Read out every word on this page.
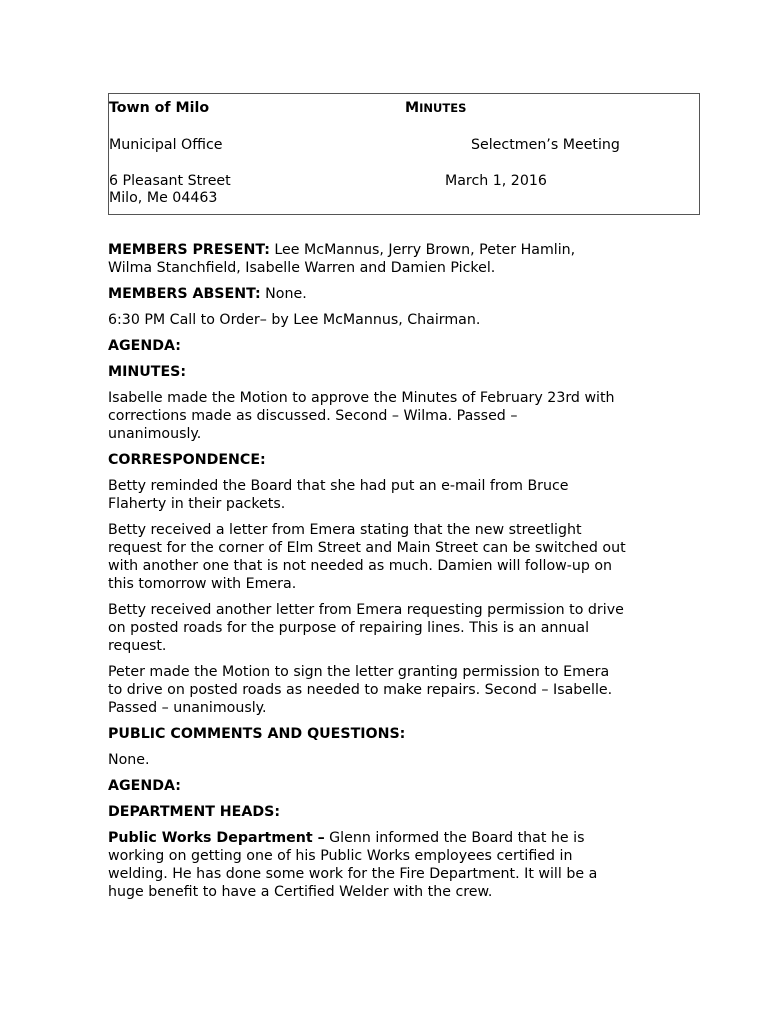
Town of Milo	MINUTES
Municipal Office	Selectmen’s Meeting
6 Pleasant Street	March 1, 2016
Milo, Me 04463

MEMBERS PRESENT: Lee McMannus, Jerry Brown, Peter Hamlin,
Wilma Stanchfield, Isabelle Warren and Damien Pickel.

MEMBERS ABSENT: None.

6:30 PM Call to Order– by Lee McMannus, Chairman.

AGENDA:

MINUTES:

Isabelle made the Motion to approve the Minutes of February 23rd with
corrections made as discussed. Second – Wilma. Passed –
unanimously.

CORRESPONDENCE:

Betty reminded the Board that she had put an e-mail from Bruce
Flaherty in their packets.

Betty received a letter from Emera stating that the new streetlight
request for the corner of Elm Street and Main Street can be switched out
with another one that is not needed as much. Damien will follow-up on
this tomorrow with Emera.

Betty received another letter from Emera requesting permission to drive
on posted roads for the purpose of repairing lines. This is an annual
request.

Peter made the Motion to sign the letter granting permission to Emera
to drive on posted roads as needed to make repairs. Second – Isabelle.
Passed – unanimously.

PUBLIC COMMENTS AND QUESTIONS:

None.

AGENDA:

DEPARTMENT HEADS:

Public Works Department – Glenn informed the Board that he is
working on getting one of his Public Works employees certified in
welding. He has done some work for the Fire Department. It will be a
huge benefit to have a Certified Welder with the crew.
